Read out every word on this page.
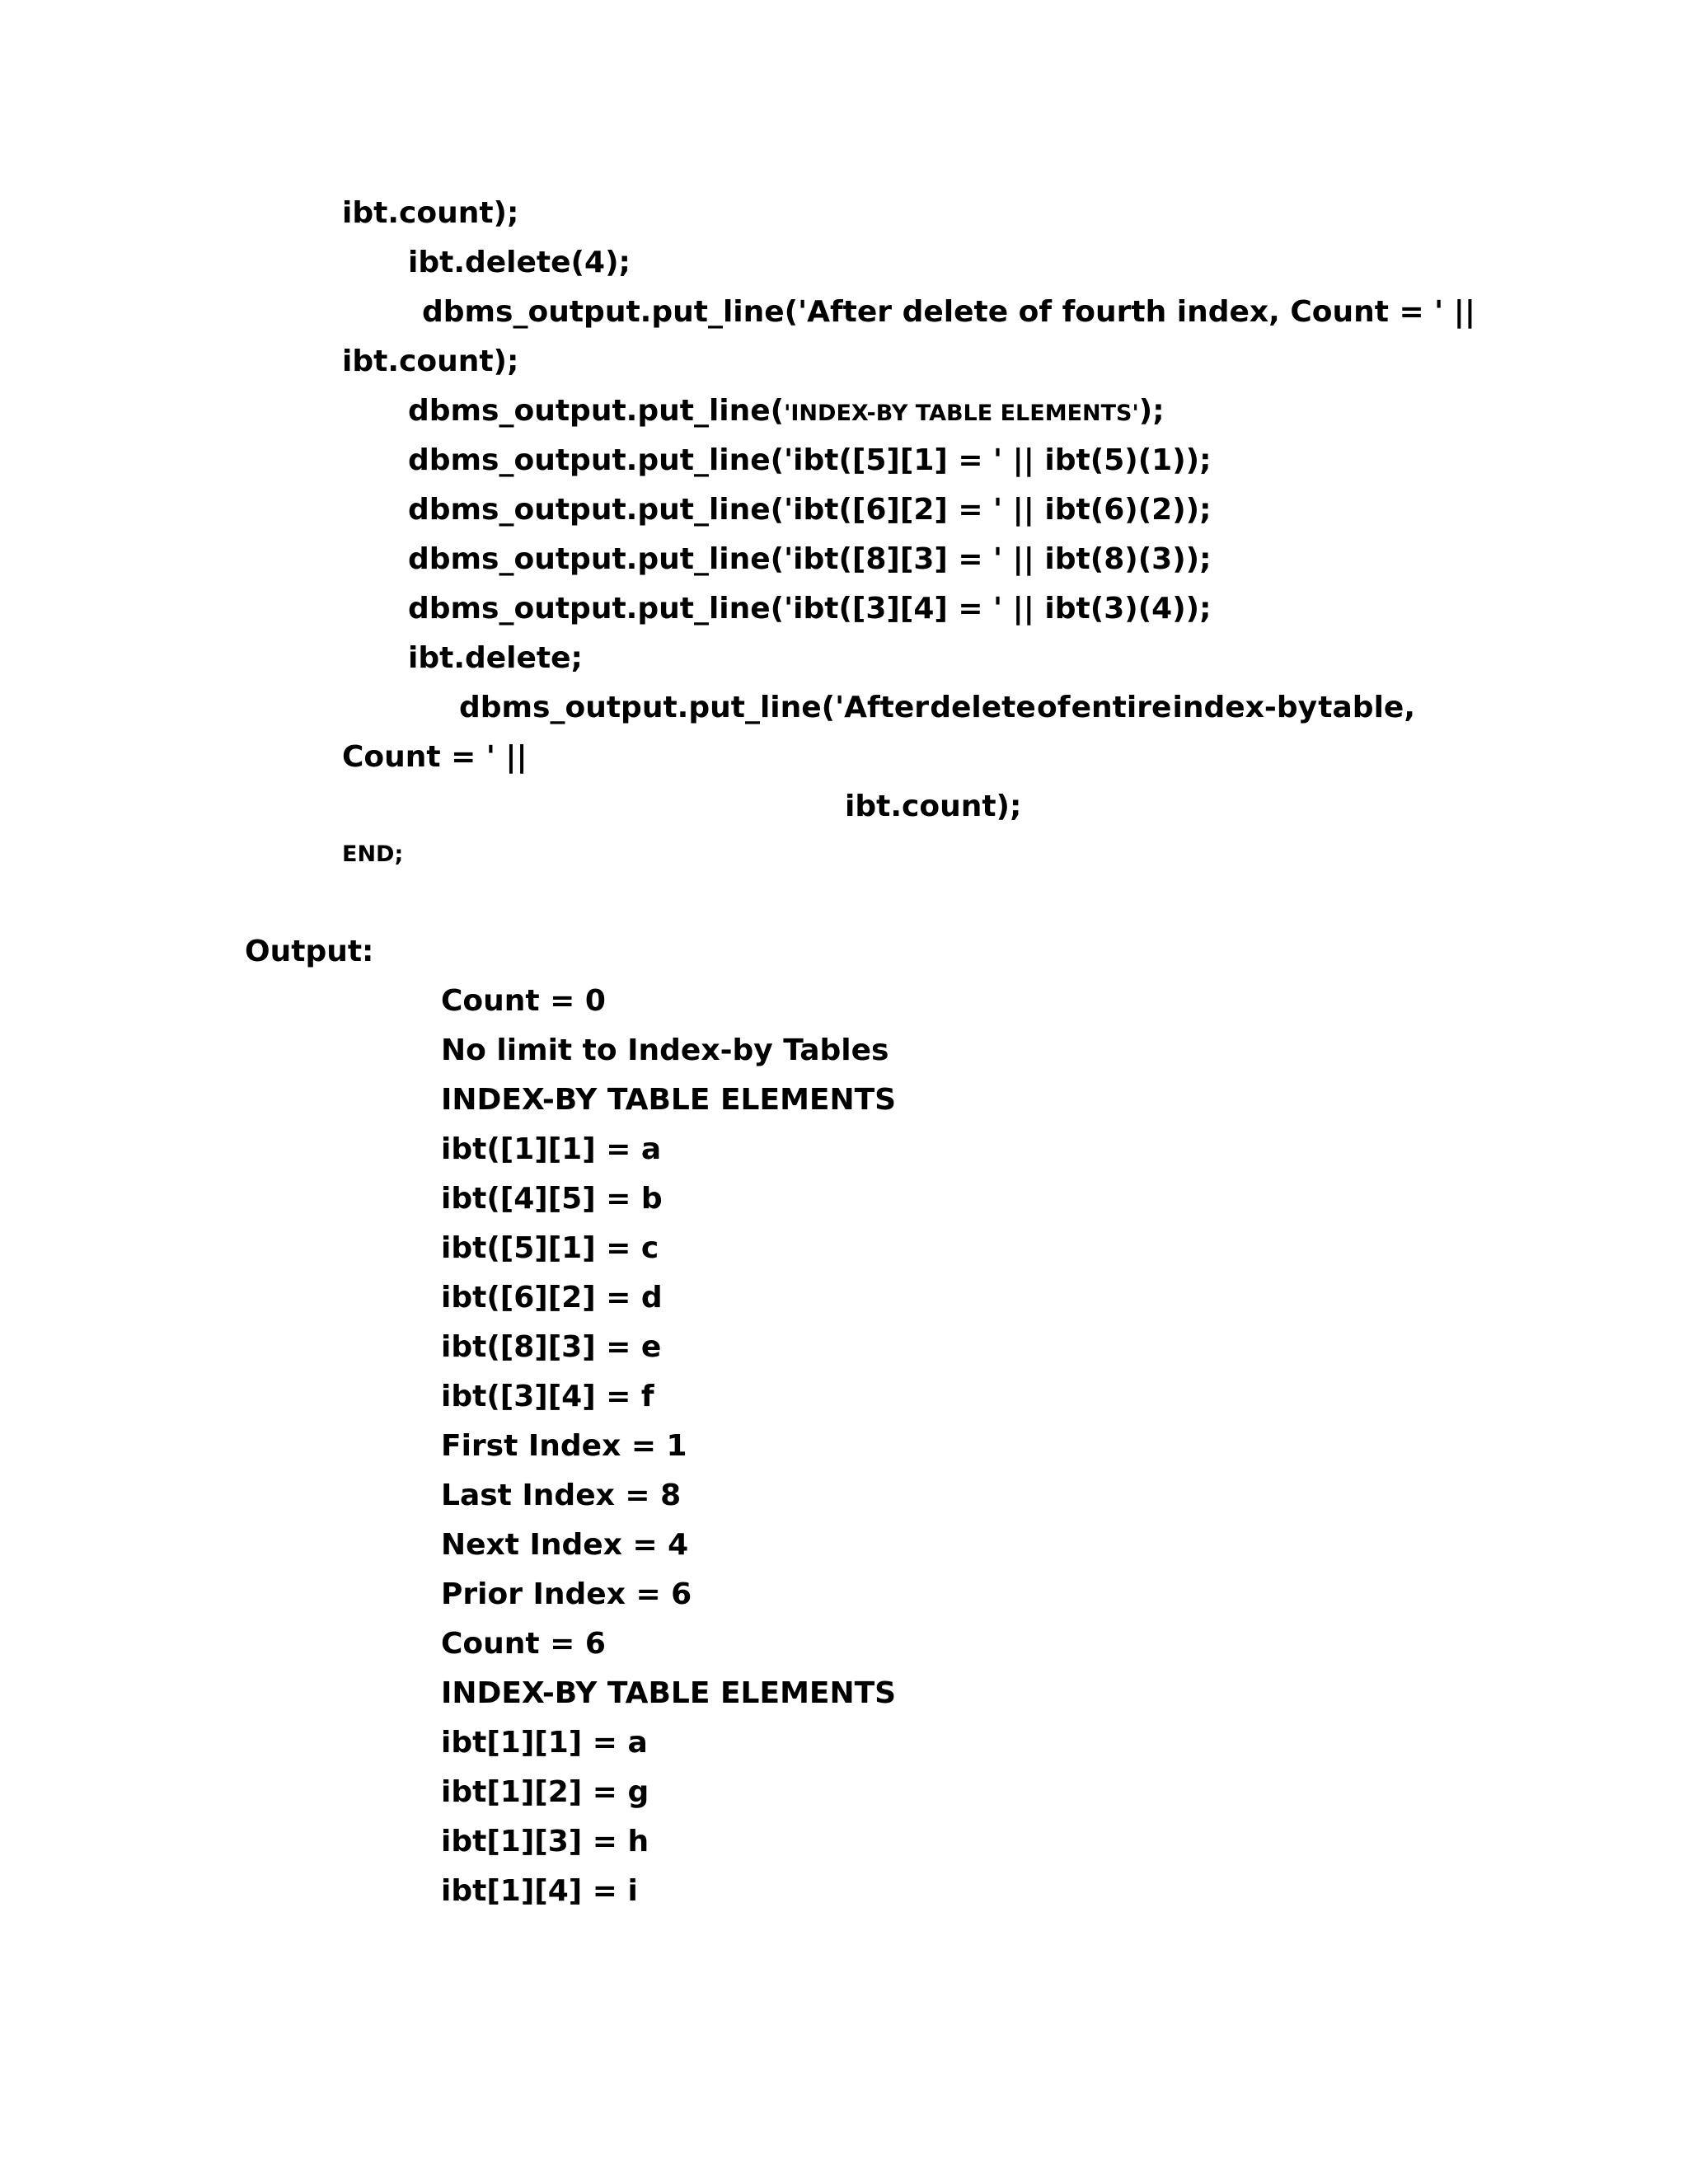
ibt.count);
ibt.delete(4);
dbms_output.put_line('After delete of fourth index, Count = ' ||
ibt.count);
dbms_output.put_line('INDEX-BY TABLE ELEMENTS');
dbms_output.put_line('ibt([5][1] = ' || ibt(5)(1));
dbms_output.put_line('ibt([6][2] = ' || ibt(6)(2));
dbms_output.put_line('ibt([8][3] = ' || ibt(8)(3));
dbms_output.put_line('ibt([3][4] = ' || ibt(3)(4));
ibt.delete;
dbms_output.put_line('After delete of entire index-by table,
Count = ' ||
ibt.count);
END;
Output:
Count = 0
No limit to Index-by Tables
INDEX-BY TABLE ELEMENTS
ibt([1][1] = a
ibt([4][5] = b
ibt([5][1] = c
ibt([6][2] = d
ibt([8][3] = e
ibt([3][4] = f
First Index = 1
Last Index = 8
Next Index = 4
Prior Index = 6
Count = 6
INDEX-BY TABLE ELEMENTS
ibt[1][1] = a
ibt[1][2] = g
ibt[1][3] = h
ibt[1][4] = i
